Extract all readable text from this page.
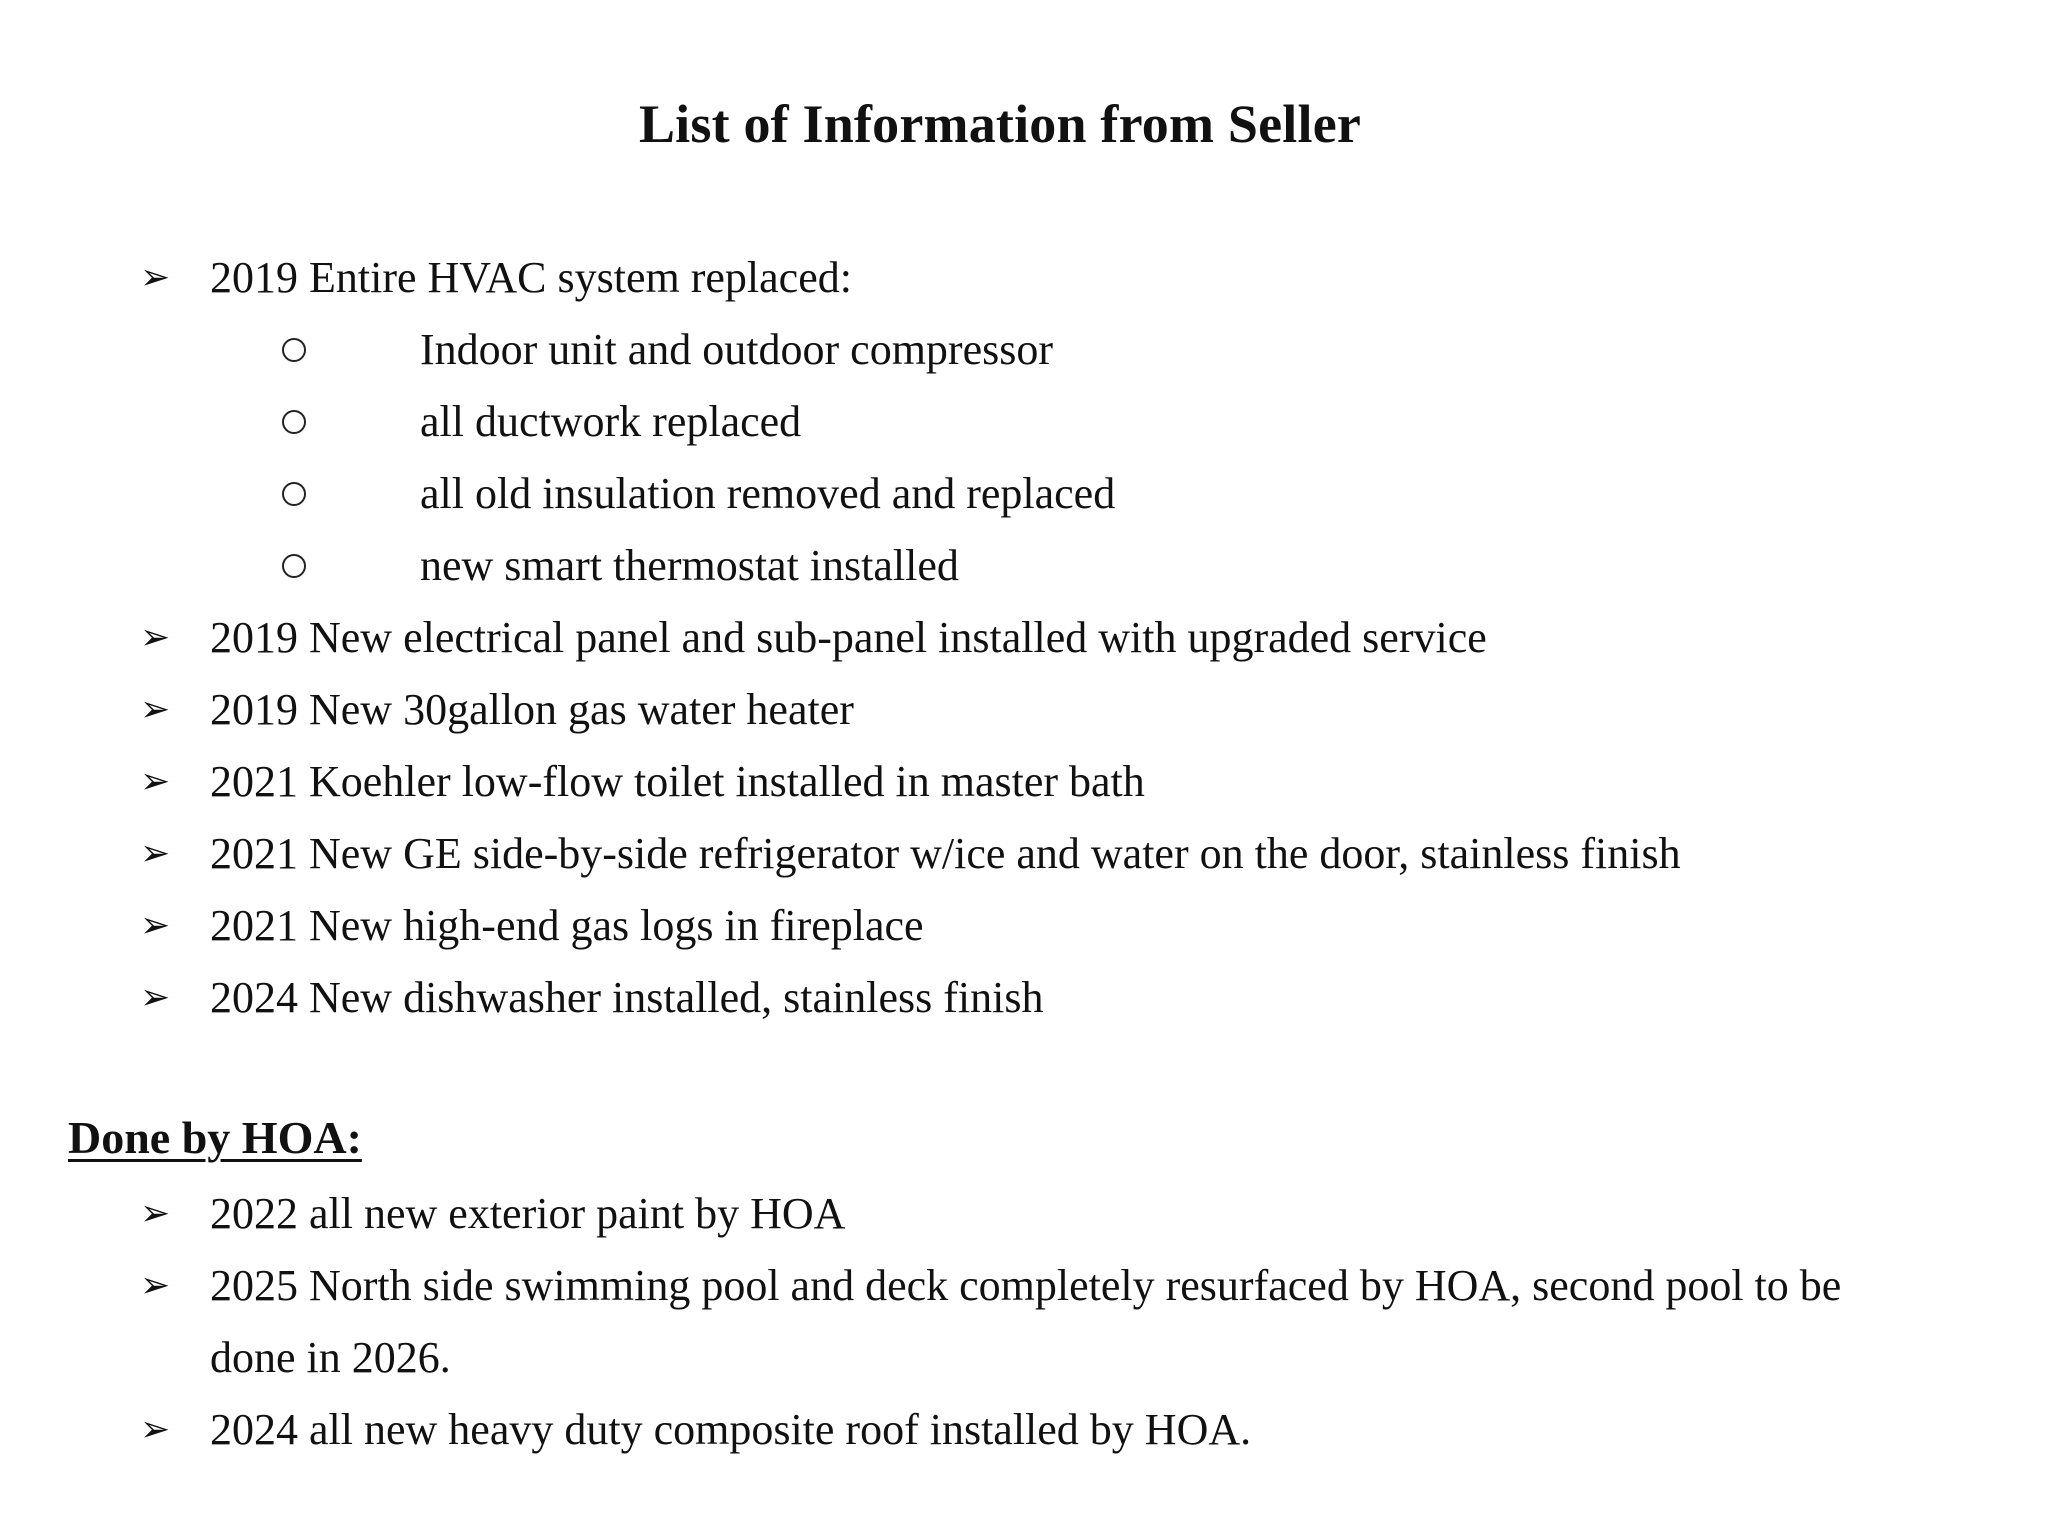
List of Information from Seller
➢ 2019 Entire HVAC system replaced:
Indoor unit and outdoor compressor
all ductwork replaced
all old insulation removed and replaced
new smart thermostat installed
➢ 2019 New electrical panel and sub-panel installed with upgraded service
➢ 2019 New 30gallon gas water heater
➢ 2021 Koehler low-flow toilet installed in master bath
➢ 2021 New GE side-by-side refrigerator w/ice and water on the door, stainless finish
➢ 2021 New high-end gas logs in fireplace
➢ 2024 New dishwasher installed, stainless finish
Done by HOA:
➢ 2022 all new exterior paint by HOA
➢ 2025 North side swimming pool and deck completely resurfaced by HOA, second pool to be
done in 2026.
➢ 2024 all new heavy duty composite roof installed by HOA.
